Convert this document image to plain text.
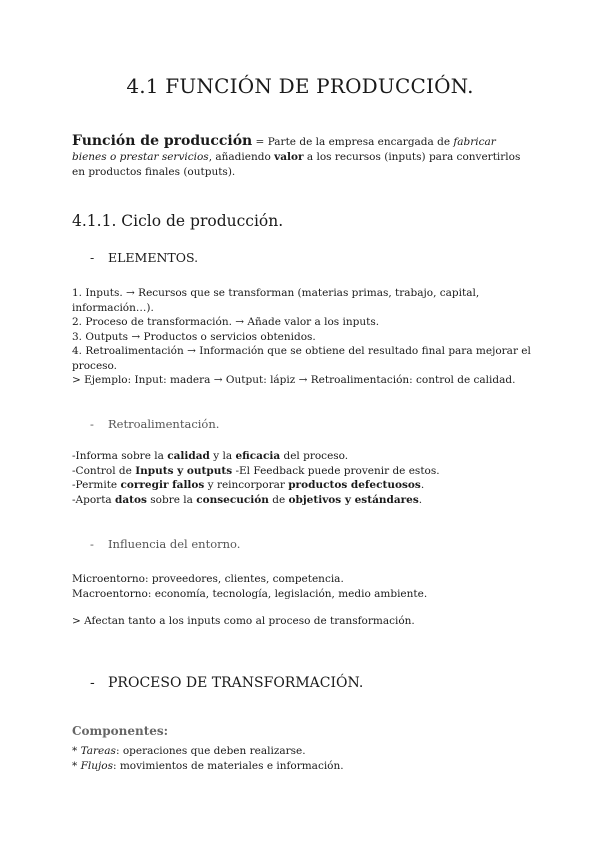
4.1 FUNCIÓN DE PRODUCCIÓN.
Función de producción = Parte de la empresa encargada de fabricar bienes o prestar servicios, añadiendo valor a los recursos (inputs) para convertirlos en productos finales (outputs).
4.1.1. Ciclo de producción.
- ELEMENTOS.

1. Inputs. → Recursos que se transforman (materias primas, trabajo, capital, información…).

2. Proceso de transformación. → Añade valor a los inputs.

3. Outputs → Productos o servicios obtenidos.

4. Retroalimentación → Información que se obtiene del resultado final para mejorar el proceso.

> Ejemplo: Input: madera → Output: lápiz → Retroalimentación: control de calidad.
- Retroalimentación.

-Informa sobre la calidad y la eficacia del proceso.

-Control de Inputs y outputs -El Feedback puede provenir de estos.

-Permite corregir fallos y reincorporar productos defectuosos.

-Aporta datos sobre la consecución de objetivos y estándares.

- Influencia del entorno.

Microentorno: proveedores, clientes, competencia.

Macroentorno: economía, tecnología, legislación, medio ambiente.

> Afectan tanto a los inputs como al proceso de transformación.
- PROCESO DE TRANSFORMACIÓN.
Componentes:

* Tareas: operaciones que deben realizarse.

* Flujos: movimientos de materiales e información.
